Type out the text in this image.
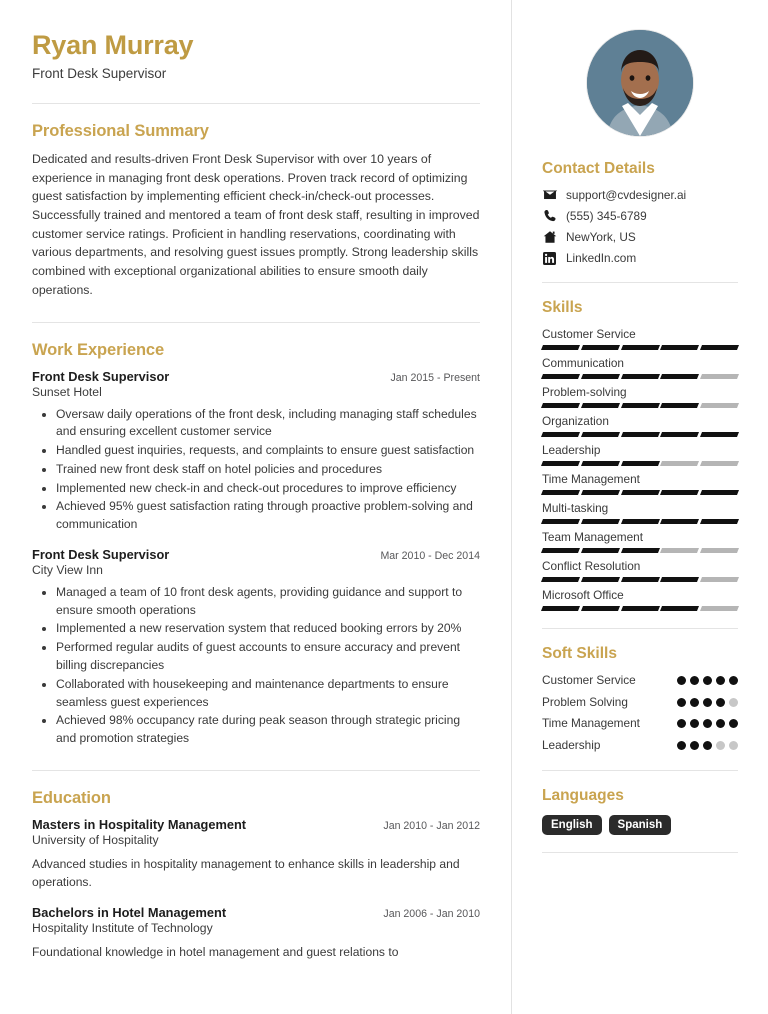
Ryan Murray
Front Desk Supervisor
Professional Summary
Dedicated and results-driven Front Desk Supervisor with over 10 years of experience in managing front desk operations. Proven track record of optimizing guest satisfaction by implementing efficient check-in/check-out processes. Successfully trained and mentored a team of front desk staff, resulting in improved customer service ratings. Proficient in handling reservations, coordinating with various departments, and resolving guest issues promptly. Strong leadership skills combined with exceptional organizational abilities to ensure smooth daily operations.
Work Experience
Front Desk Supervisor	Jan 2015 - Present
Sunset Hotel
• Oversaw daily operations of the front desk, including managing staff schedules and ensuring excellent customer service
• Handled guest inquiries, requests, and complaints to ensure guest satisfaction
• Trained new front desk staff on hotel policies and procedures
• Implemented new check-in and check-out procedures to improve efficiency
• Achieved 95% guest satisfaction rating through proactive problem-solving and communication
Front Desk Supervisor	Mar 2010 - Dec 2014
City View Inn
• Managed a team of 10 front desk agents, providing guidance and support to ensure smooth operations
• Implemented a new reservation system that reduced booking errors by 20%
• Performed regular audits of guest accounts to ensure accuracy and prevent billing discrepancies
• Collaborated with housekeeping and maintenance departments to ensure seamless guest experiences
• Achieved 98% occupancy rate during peak season through strategic pricing and promotion strategies
Education
Masters in Hospitality Management	Jan 2010 - Jan 2012
University of Hospitality
Advanced studies in hospitality management to enhance skills in leadership and operations.
Bachelors in Hotel Management	Jan 2006 - Jan 2010
Hospitality Institute of Technology
Foundational knowledge in hotel management and guest relations to
Contact Details
support@cvdesigner.ai
(555) 345-6789
NewYork, US
LinkedIn.com
Skills
Customer Service
Communication
Problem-solving
Organization
Leadership
Time Management
Multi-tasking
Team Management
Conflict Resolution
Microsoft Office
Soft Skills
Customer Service
Problem Solving
Time Management
Leadership
Languages
English	Spanish
